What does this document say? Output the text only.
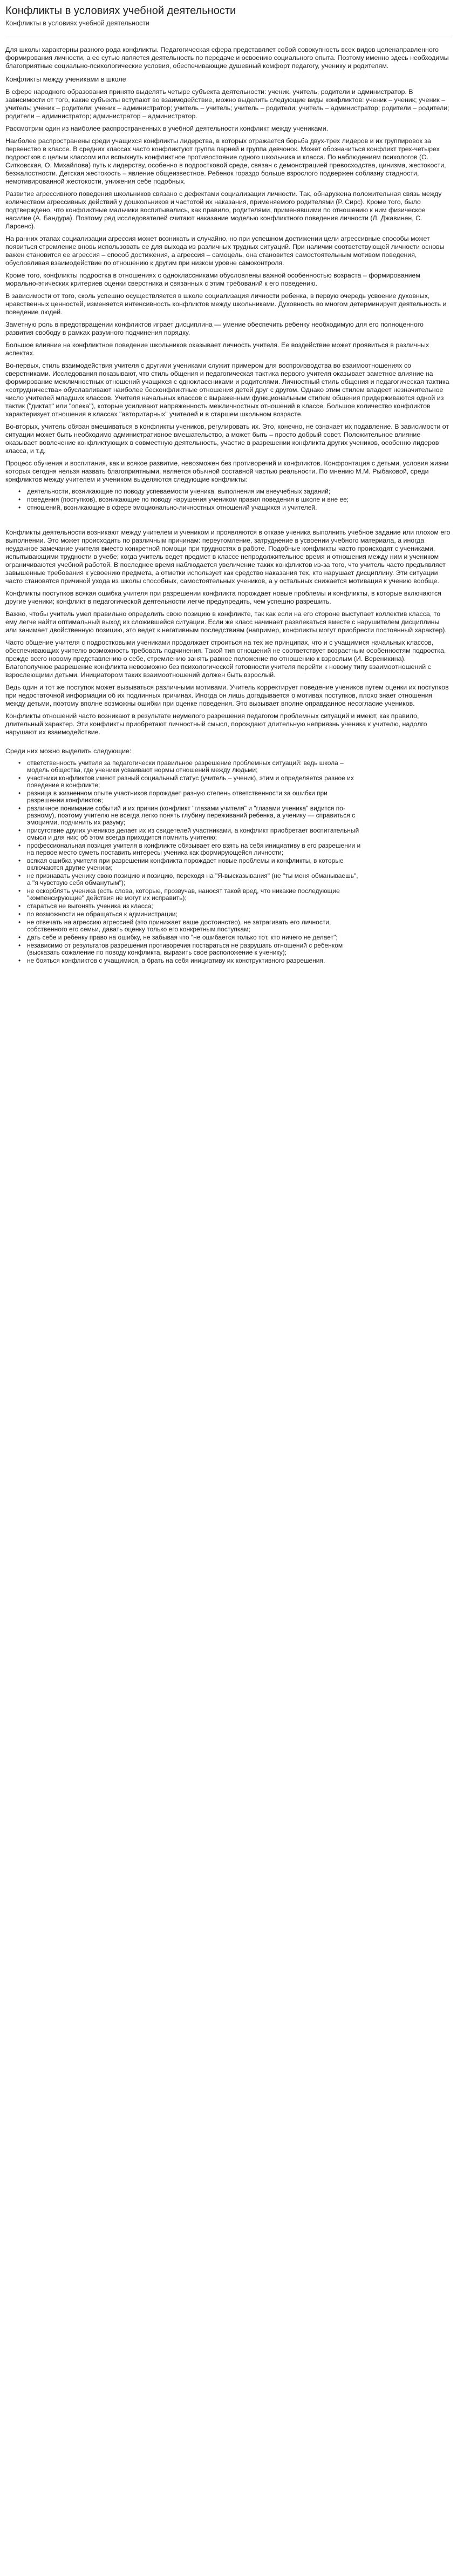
Конфликты в условиях учебной деятельности
Конфликты в условиях учебной деятельности

Для школы характерны разного рода конфликты. Педагогическая сфера представляет собой совокупность всех видов целенаправленного формирования личности, а ее сутью является деятельность по передаче и освоению социального опыта. Поэтому именно здесь необходимы благоприятные социально-психологические условия, обеспечивающие душевный комфорт педагогу, ученику и родителям.

Конфликты между учениками в школе

В сфере народного образования принято выделять четыре субъекта деятельности: ученик, учитель, родители и администратор. В зависимости от того, какие субъекты вступают во взаимодействие, можно выделить следующие виды конфликтов: ученик – ученик; ученик – учитель; ученик – родители; ученик – администратор; учитель – учитель; учитель – родители; учитель – администратор; родители – родители; родители – администратор; администратор – администратор.

Рассмотрим один из наиболее распространенных в учебной деятельности конфликт между учениками.

Наиболее распространены среди учащихся конфликты лидерства, в которых отражается борьба двух-трех лидеров и их группировок за первенство в классе. В средних классах часто конфликтуют группа парней и группа девчонок. Может обозначиться конфликт трех-четырех подростков с целым классом или вспыхнуть конфликтное противостояние одного школьника и класса. По наблюдениям психологов (О. Ситковская, О. Михайлова) путь к лидерству, особенно в подростковой среде, связан с демонстрацией превосходства, цинизма, жестокости, безжалостности. Детская жестокость – явление общеизвестное. Ребенок гораздо больше взрослого подвержен соблазну стадности, немотивированной жестокости, унижения себе подобных.

Развитие агрессивного поведения школьников связано с дефектами социализации личности. Так, обнаружена положительная связь между количеством агрессивных действий у дошкольников и частотой их наказания, применяемого родителями (Р. Сирс). Кроме того, было подтверждено, что конфликтные мальчики воспитывались, как правило, родителями, применявшими по отношению к ним физическое насилие (А. Бандура). Поэтому ряд исследователей считают наказание моделью конфликтного поведения личности (Л. Джавинен, С. Ларсенс).

На ранних этапах социализации агрессия может возникать и случайно, но при успешном достижении цели агрессивные способы может появиться стремление вновь использовать ее для выхода из различных трудных ситуаций. При наличии соответствующей личности основы важен становится ее агрессия – способ достижения, а агрессия – самоцель, она становится самостоятельным мотивом поведения, обусловливая взаимодействие по отношению к другим при низком уровне самоконтроля.

Кроме того, конфликты подростка в отношениях с одноклассниками обусловлены важной особенностью возраста – формированием морально-этических критериев оценки сверстника и связанных с этим требований к его поведению.

В зависимости от того, сколь успешно осуществляется в школе социализация личности ребенка, в первую очередь усвоение духовных, нравственных ценностей, изменяется интенсивность конфликтов между школьниками. Духовность во многом детерминирует деятельность и поведение людей.

Заметную роль в предотвращении конфликтов играет дисциплина — умение обеспечить ребенку необходимую для его полноценного развития свободу в рамках разумного подчинения порядку.

Большое влияние на конфликтное поведение школьников оказывает личность учителя. Ее воздействие может проявиться в различных аспектах.

Во-первых, стиль взаимодействия учителя с другими учениками служит примером для воспроизводства во взаимоотношениях со сверстниками. Исследования показывают, что стиль общения и педагогическая тактика первого учителя оказывает заметное влияние на формирование межличностных отношений учащихся с одноклассниками и родителями. Личностный стиль общения и педагогическая тактика «сотрудничества» обуславливают наиболее бесконфликтные отношения детей друг с другом. Однако этим стилем владеет незначительное число учителей младших классов. Учителя начальных классов с выраженным функциональным стилем общения придерживаются одной из тактик ("диктат" или "опека"), которые усиливают напряженность межличностных отношений в классе. Большое количество конфликтов характеризует отношения в классах "авторитарных" учителей и в старшем школьном возрасте.

Во-вторых, учитель обязан вмешиваться в конфликты учеников, регулировать их. Это, конечно, не означает их подавление. В зависимости от ситуации может быть необходимо административное вмешательство, а может быть – просто добрый совет. Положительное влияние оказывает вовлечение конфликтующих в совместную деятельность, участие в разрешении конфликта других учеников, особенно лидеров класса, и т.д.

Процесс обучения и воспитания, как и всякое развитие, невозможен без противоречий и конфликтов. Конфронтация с детьми, условия жизни которых сегодня нельзя назвать благоприятными, является обычной составной частью реальности. По мнению М.М. Рыбаковой, среди конфликтов между учителем и учеником выделяются следующие конфликты:

• деятельности, возникающие по поводу успеваемости ученика, выполнения им внеучебных заданий;
• поведения (поступков), возникающие по поводу нарушения учеником правил поведения в школе и вне ее;
• отношений, возникающие в сфере эмоционально-личностных отношений учащихся и учителей.

Конфликты деятельности возникают между учителем и учеником и проявляются в отказе ученика выполнить учебное задание или плохом его выполнении. Это может происходить по различным причинам: переутомление, затруднение в усвоении учебного материала, а иногда неудачное замечание учителя вместо конкретной помощи при трудностях в работе. Подобные конфликты часто происходят с учениками, испытывающими трудности в учебе; когда учитель ведет предмет в классе непродолжительное время и отношения между ним и учеником ограничиваются учебной работой. В последнее время наблюдается увеличение таких конфликтов из-за того, что учитель часто предъявляет завышенные требования к усвоению предмета, а отметки использует как средство наказания тех, кто нарушает дисциплину. Эти ситуации часто становятся причиной ухода из школы способных, самостоятельных учеников, а у остальных снижается мотивация к учению вообще.

Конфликты поступков всякая ошибка учителя при разрешении конфликта порождает новые проблемы и конфликты, в которые включаются другие ученики; конфликт в педагогической деятельности легче предупредить, чем успешно разрешить.

Важно, чтобы учитель умел правильно определить свою позицию в конфликте, так как если на его стороне выступает коллектив класса, то ему легче найти оптимальный выход из сложившейся ситуации. Если же класс начинает развлекаться вместе с нарушителем дисциплины или занимает двойственную позицию, это ведет к негативным последствиям (например, конфликты могут приобрести постоянный характер).

Часто общение учителя с подростковыми учениками продолжает строиться на тех же принципах, что и с учащимися начальных классов, обеспечивающих учителю возможность требовать подчинения. Такой тип отношений не соответствует возрастным особенностям подростка, прежде всего новому представлению о себе, стремлению занять равное положение по отношению к взрослым (И. Вереникина). Благополучное разрешение конфликта невозможно без психологической готовности учителя перейти к новому типу взаимоотношений с взрослеющими детьми. Инициатором таких взаимоотношений должен быть взрослый.

Ведь один и тот же поступок может вызываться различными мотивами. Учитель корректирует поведение учеников путем оценки их поступков при недостаточной информации об их подлинных причинах. Иногда он лишь догадывается о мотивах поступков, плохо знает отношения между детьми, поэтому вполне возможны ошибки при оценке поведения. Это вызывает вполне оправданное несогласие учеников.

Конфликты отношений часто возникают в результате неумелого разрешения педагогом проблемных ситуаций и имеют, как правило, длительный характер. Эти конфликты приобретают личностный смысл, порождают длительную неприязнь ученика к учителю, надолго нарушают их взаимодействие.

Среди них можно выделить следующие:

• ответственность учителя за педагогически правильное разрешение проблемных ситуаций: ведь школа – модель общества, где ученики усваивают нормы отношений между людьми;
• участники конфликтов имеют разный социальный статус (учитель – ученик), этим и определяется разное их поведение в конфликте;
• разница в жизненном опыте участников порождает разную степень ответственности за ошибки при разрешении конфликтов;
• различное понимание событий и их причин (конфликт "глазами учителя" и "глазами ученика" видится по-разному), поэтому учителю не всегда легко понять глубину переживаний ребенка, а ученику — справиться с эмоциями, подчинить их разуму;
• присутствие других учеников делает их из свидетелей участниками, а конфликт приобретает воспитательный смысл и для них; об этом всегда приходится помнить учителю;
• профессиональная позиция учителя в конфликте обязывает его взять на себя инициативу в его разрешении и на первое место суметь поставить интересы ученика как формирующейся личности;
• всякая ошибка учителя при разрешении конфликта порождает новые проблемы и конфликты, в которые включаются другие ученики;
• не признавать ученику свою позицию и позицию, переходя на "Я-высказывания" (не "ты меня обманываешь", а "я чувствую себя обманутым");
• не оскорблять ученика (есть слова, которые, прозвучав, наносят такой вред, что никакие последующие "компенсирующие" действия не могут их исправить);
• стараться не выгонять ученика из класса;
• по возможности не обращаться к администрации;
• не отвечать на агрессию агрессией (это принижает ваше достоинство), не затрагивать его личности, собственного его семьи, давать оценку только его конкретным поступкам;
• дать себе и ребенку право на ошибку, не забывая что "не ошибается только тот, кто ничего не делает";
• независимо от результатов разрешения противоречия постараться не разрушать отношений с ребенком (высказать сожаление по поводу конфликта, выразить свое расположение к ученику);
• не бояться конфликтов с учащимися, а брать на себя инициативу их конструктивного разрешения.
